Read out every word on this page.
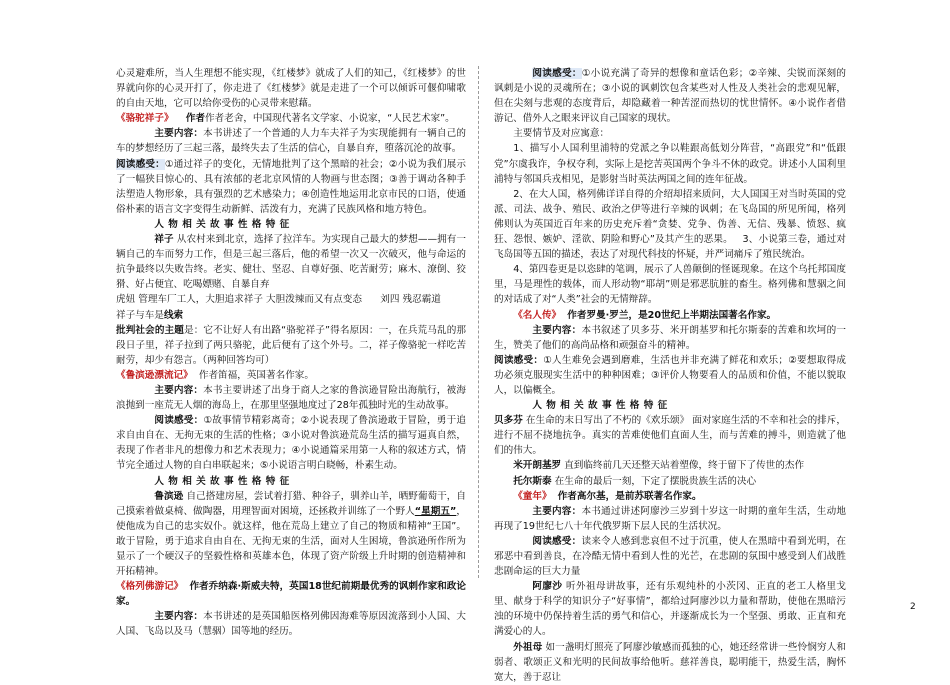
心灵避难所，当人生理想不能实现，《红楼梦》就成了人们的知己，《红楼梦》的世界就向你的心灵开打了，你走进了《红楼梦》就是走进了一个可以倾诉可偃仰啸歌的自由天地，它可以给你受伤的心灵带来慰藉。

《骆驼祥子》 作者作者老舍，中国现代著名文学家、小说家，“人民艺术家”。

主要内容：本书讲述了一个普通的人力车夫祥子为实现能拥有一辆自己的车的梦想经历了三起三落，最终失去了生活的信心，自暴自弃，堕落沉沦的故事。

阅读感受：①通过祥子的变化，无情地批判了这个黑暗的社会；②小说为我们展示了一幅狭目惊心的、具有浓郁的老北京风情的人物画与世态图；③善于调动各种手法塑造人物形象，具有强烈的艺术感染力；④创造性地运用北京市民的口语，使通俗朴素的语言文字变得生动新鲜、活泼有力，充满了民族风格和地方特色。

人物相关故事性格特征

祥子 从农村来到北京，选择了拉洋车。为实现自己最大的梦想——拥有一辆自己的车而努力工作，但是三起三落后，他的希望一次又一次破灭，他与命运的抗争最终以失败告终。老实、健壮、坚忍、自尊好强、吃苦耐劳；麻木、潦倒、狡猾、好占便宜、吃喝嫖赌、自暴自弃

虎妞 管理车厂工人，大胆追求祥子 大胆泼辣而又有点变态 刘四 残忍霸道

祥子与车是线索

批判社会的主题是：它不让好人有出路“骆驼祥子”得名原因：一，在兵荒马乱的那段日子里，祥子拉到了两只骆驼，此后便有了这个外号。二，祥子像骆驼一样吃苦耐劳，却少有怨言。（两种回答均可）

《鲁滨逊漂流记》 作者笛福，英国著名作家。

主要内容：本书主要讲述了出身于商人之家的鲁滨逊冒险出海航行，被海浪抛到一座荒无人烟的海岛上，在那里坚强地度过了28年孤独时光的生动故事。

阅读感受：①故事情节精彩离奇；②小说表现了鲁滨逊敢于冒险，勇于追求自由自在、无拘无束的生活的性格；③小说对鲁滨逊荒岛生活的描写逼真自然，表现了作者非凡的想像力和艺术表现力；④小说通篇采用第一人称的叙述方式，情节完全通过人物的自白串联起来；⑤小说语言明白晓畅，朴素生动。

人物相关故事性格特征

鲁滨逊 自己搭建房屋，尝试着打猎、种谷子，驯养山羊，晒野葡萄干，自己摸索着做桌椅、做陶器，用理智面对困境，还拯救并训练了一个野人“星期五”，使他成为自己的忠实奴仆。就这样，他在荒岛上建立了自己的物质和精神“王国”。敢于冒险，勇于追求自由自在、无拘无束的生活，面对人生困境，鲁滨逊所作所为显示了一个硬汉子的坚毅性格和英雄本色，体现了资产阶级上升时期的创造精神和开拓精神。

《格列佛游记》 作者乔纳森·斯威夫特，英国18世纪前期最优秀的讽刺作家和政论家。

主要内容：本书讲述的是英国船医格列佛因海难等原因流落到小人国、大人国、飞岛以及马（慧骃）国等地的经历。

阅读感受：①小说充满了奇异的想像和童话色彩；②辛辣、尖锐而深刻的讽刺是小说的灵魂所在；③小说的讽刺饮包含某些对人性及人类社会的悲观见解，但在尖刻与悲观的态度背后，却隐藏着一种苦涩而热切的忧世情怀。④小说作者借游记、借外人之眼来评议自己国家的现状。

主要情节及对应寓意：

1、描写小人国利里浦特的党派之争以鞋跟高低划分阵营，“高跟党”和“低跟党”尔虞我诈，争权夺利，实际上是挖苦英国两个争斗不休的政党。讲述小人国利里浦特与邻国兵戎相见，是影射当时英法两国之间的连年征战。

2、在大人国，格列佛详详自得的介绍却招来质问，大人国国王对当时英国的党派、司法、战争、殖民、政治之伊等进行辛辣的讽刺；在飞岛国的所见所闻，格列佛则认为英国近百年来的历史充斥着“贪婪、党争、伪善、无信、残暴、愤怒、疯狂、怨恨、嫉妒、淫欲、阴险和野心”及其产生的恶果。 3、小说第三卷，通过对飞岛国等五国的描述，表达了对现代科技的怀疑，并严词痛斥了殖民统治。

4、第四卷更是以恣肆的笔调，展示了人兽颠倒的怪诞现象。在这个乌托邦国度里，马是理性的载体，而人形动物“耶胡”则是邪恶肮脏的畜生。格列佛和慧骃之间的对话成了对“人类”社会的无情辩辞。

《名人传》 作者罗曼·罗兰，是20世纪上半期法国著名作家。

主要内容：本书叙述了贝多芬、米开朗基罗和托尔斯泰的苦难和坎坷的一生，赞美了他们的高尚品格和顽强奋斗的精神。

阅读感受：①人生难免会遇到磨难，生活也并非充满了鲜花和欢乐；②要想取得成功必须克服现实生活中的种种困难；③评价人物要看人的品质和价值，不能以貌取人，以偏概全。

人物相关故事性格特征

贝多芬 在生命的末日写出了不朽的《欢乐颂》 面对家庭生活的不幸和社会的排斥，进行不屈不挠地抗争。真实的苦难使他们直面人生，而与苦难的搏斗，则造就了他们的伟大。

米开朗基罗 直到临终前几天还整天站着塑像，终于留下了传世的杰作

托尔斯泰 在生命的最后一刻，下定了摆脱贵族生活的决心

《童年》 作者高尔基，是前苏联著名作家。

主要内容：本书通过讲述阿廖沙三岁到十岁这一时期的童年生活，生动地再现了19世纪七八十年代俄罗斯下层人民的生活状况。

阅读感受：读来令人感到悲哀但不过于沉重，使人在黑暗中看到光明，在邪恶中看到善良，在冷酷无情中看到人性的光芒，在悲剧的氛围中感受到人们战胜悲剧命运的巨大力量

阿廖沙 听外祖母讲故事，还有乐观纯朴的小茨冈、正直的老工人格里戈里、献身于科学的知识分子“好事情”，都给过阿廖沙以力量和帮助，使他在黑暗污浊的环境中仍保持着生活的勇气和信心，并逐渐成长为一个坚强、勇敢、正直和充满爱心的人。

外祖母 如一盏明灯照亮了阿廖沙敏感而孤独的心，她还经常讲一些怜悯穷人和弱者、歌颂正义和光明的民间故事给他听。慈祥善良，聪明能干，热爱生活，胸怀宽大，善于忍让

2
